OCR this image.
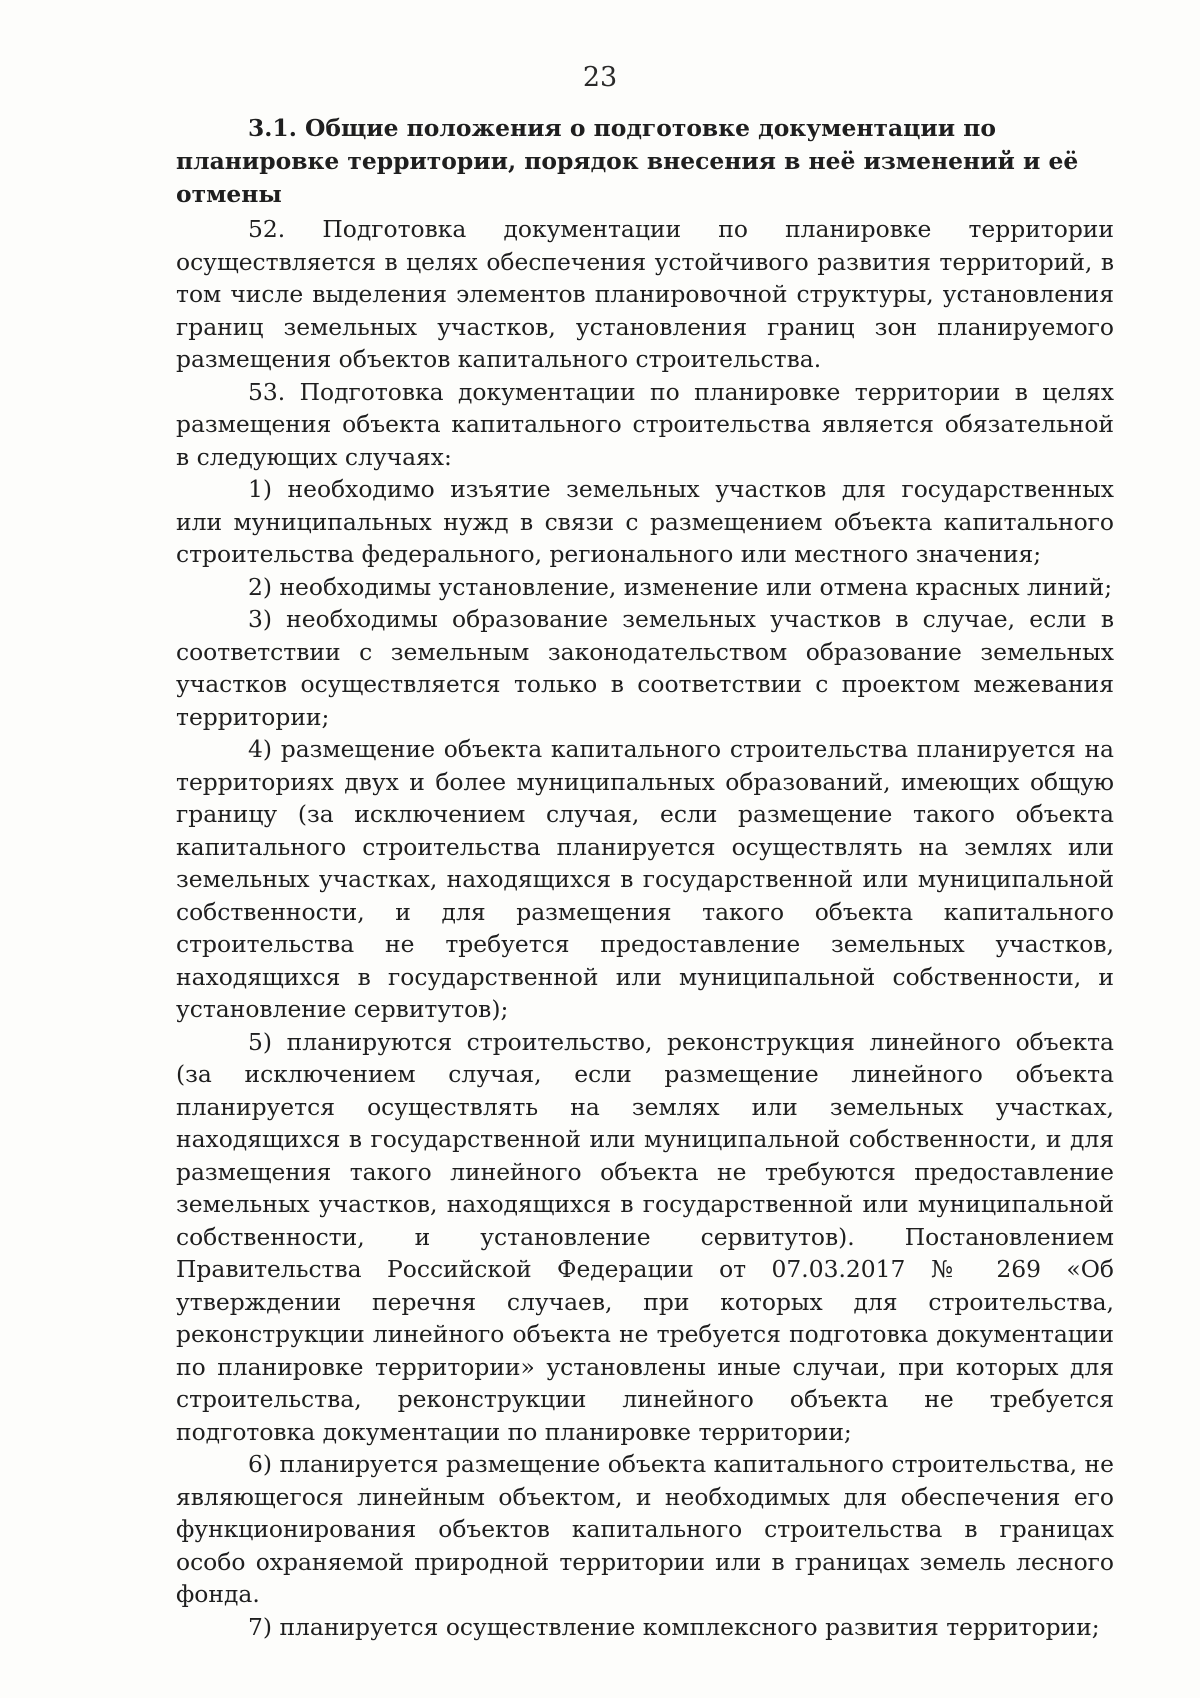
23

3.1. Общие положения о подготовке документации по планировке территории, порядок внесения в неё изменений и её отмены

52. Подготовка документации по планировке территории осуществляется в целях обеспечения устойчивого развития территорий, в том числе выделения элементов планировочной структуры, установления границ земельных участков, установления границ зон планируемого размещения объектов капитального строительства.

53. Подготовка документации по планировке территории в целях размещения объекта капитального строительства является обязательной в следующих случаях:

1) необходимо изъятие земельных участков для государственных или муниципальных нужд в связи с размещением объекта капитального строительства федерального, регионального или местного значения;

2) необходимы установление, изменение или отмена красных линий;

3) необходимы образование земельных участков в случае, если в соответствии с земельным законодательством образование земельных участков осуществляется только в соответствии с проектом межевания территории;

4) размещение объекта капитального строительства планируется на территориях двух и более муниципальных образований, имеющих общую границу (за исключением случая, если размещение такого объекта капитального строительства планируется осуществлять на землях или земельных участках, находящихся в государственной или муниципальной собственности, и для размещения такого объекта капитального строительства не требуется предоставление земельных участков, находящихся в государственной или муниципальной собственности, и установление сервитутов);

5) планируются строительство, реконструкция линейного объекта (за исключением случая, если размещение линейного объекта планируется осуществлять на землях или земельных участках, находящихся в государственной или муниципальной собственности, и для размещения такого линейного объекта не требуются предоставление земельных участков, находящихся в государственной или муниципальной собственности, и установление сервитутов). Постановлением Правительства Российской Федерации от 07.03.2017 № 269 «Об утверждении перечня случаев, при которых для строительства, реконструкции линейного объекта не требуется подготовка документации по планировке территории» установлены иные случаи, при которых для строительства, реконструкции линейного объекта не требуется подготовка документации по планировке территории;

6) планируется размещение объекта капитального строительства, не являющегося линейным объектом, и необходимых для обеспечения его функционирования объектов капитального строительства в границах особо охраняемой природной территории или в границах земель лесного фонда.

7) планируется осуществление комплексного развития территории;
